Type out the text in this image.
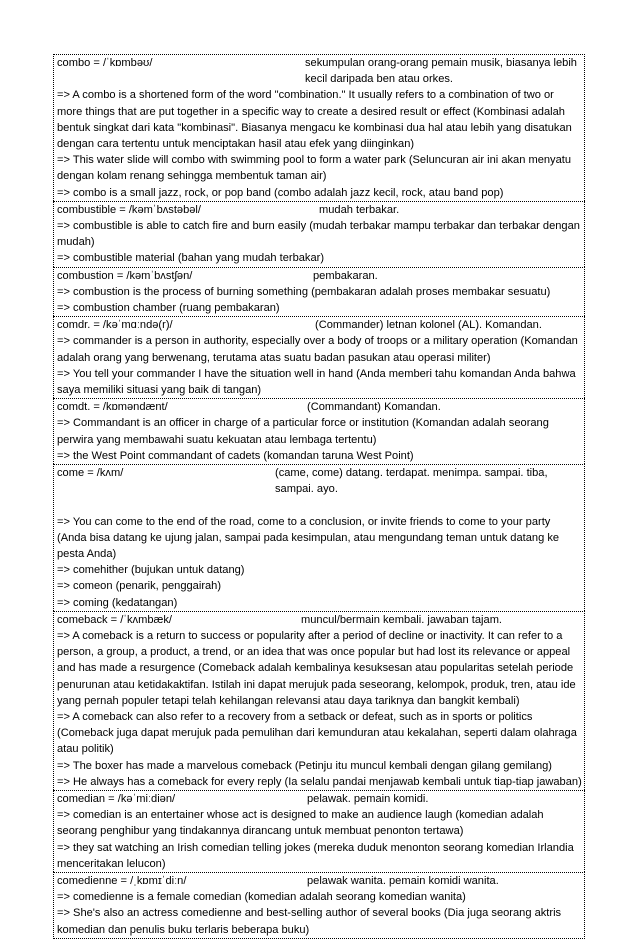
combo = /ˈkɒmbəʊ/	sekumpulan orang-orang pemain musik, biasanya lebih kecil daripada ben atau orkes.

=> A combo is a shortened form of the word "combination." It usually refers to a combination of two or more things that are put together in a specific way to create a desired result or effect (Kombinasi adalah bentuk singkat dari kata "kombinasi". Biasanya mengacu ke kombinasi dua hal atau lebih yang disatukan dengan cara tertentu untuk menciptakan hasil atau efek yang diinginkan)

=> This water slide will combo with swimming pool to form a water park (Seluncuran air ini akan menyatu dengan kolam renang sehingga membentuk taman air)

=> combo is a small jazz, rock, or pop band (combo adalah jazz kecil, rock, atau band pop)

combustible = /kəmˈbʌstəbəl/	mudah terbakar.

=> combustible is able to catch fire and burn easily (mudah terbakar mampu terbakar dan terbakar dengan mudah)

=> combustible material (bahan yang mudah terbakar)

combustion = /kəmˈbʌstʃən/	pembakaran.

=> combustion is the process of burning something (pembakaran adalah proses membakar sesuatu)

=> combustion chamber (ruang pembakaran)

comdr. = /kəˈmɑːndə(r)/	(Commander) letnan kolonel (AL). Komandan.

=> commander is a person in authority, especially over a body of troops or a military operation (Komandan adalah orang yang berwenang, terutama atas suatu badan pasukan atau operasi militer)

=> You tell your commander I have the situation well in hand (Anda memberi tahu komandan Anda bahwa saya memiliki situasi yang baik di tangan)

comdt. = /kɒməndænt/	(Commandant) Komandan.

=> Commandant is an officer in charge of a particular force or institution (Komandan adalah seorang perwira yang membawahi suatu kekuatan atau lembaga tertentu)

=> the West Point commandant of cadets (komandan taruna West Point)

come = /kʌm/	(came, come) datang. terdapat. menimpa. sampai. tiba, sampai. ayo.

=> You can come to the end of the road, come to a conclusion, or invite friends to come to your party (Anda bisa datang ke ujung jalan, sampai pada kesimpulan, atau mengundang teman untuk datang ke pesta Anda)

=> comehither (bujukan untuk datang)

=> comeon (penarik, penggairah)

=> coming (kedatangan)

comeback = /ˈkʌmbæk/	muncul/bermain kembali. jawaban tajam.

=> A comeback is a return to success or popularity after a period of decline or inactivity. It can refer to a person, a group, a product, a trend, or an idea that was once popular but had lost its relevance or appeal and has made a resurgence (Comeback adalah kembalinya kesuksesan atau popularitas setelah periode penurunan atau ketidakaktifan. Istilah ini dapat merujuk pada seseorang, kelompok, produk, tren, atau ide yang pernah populer tetapi telah kehilangan relevansi atau daya tariknya dan bangkit kembali)

=> A comeback can also refer to a recovery from a setback or defeat, such as in sports or politics (Comeback juga dapat merujuk pada pemulihan dari kemunduran atau kekalahan, seperti dalam olahraga atau politik)

=> The boxer has made a marvelous comeback (Petinju itu muncul kembali dengan gilang gemilang)

=> He always has a comeback for every reply (Ia selalu pandai menjawab kembali untuk tiap-tiap jawaban)

comedian = /kəˈmiːdiən/	pelawak. pemain komidi.

=> comedian is an entertainer whose act is designed to make an audience laugh (komedian adalah seorang penghibur yang tindakannya dirancang untuk membuat penonton tertawa)

=> they sat watching an Irish comedian telling jokes (mereka duduk menonton seorang komedian Irlandia menceritakan lelucon)

comedienne = /ˌkɒmɪˈdiːn/	pelawak wanita. pemain komidi wanita.

=> comedienne is a female comedian (komedian adalah seorang komedian wanita)

=> She's also an actress comedienne and best-selling author of several books (Dia juga seorang aktris komedian dan penulis buku terlaris beberapa buku)
